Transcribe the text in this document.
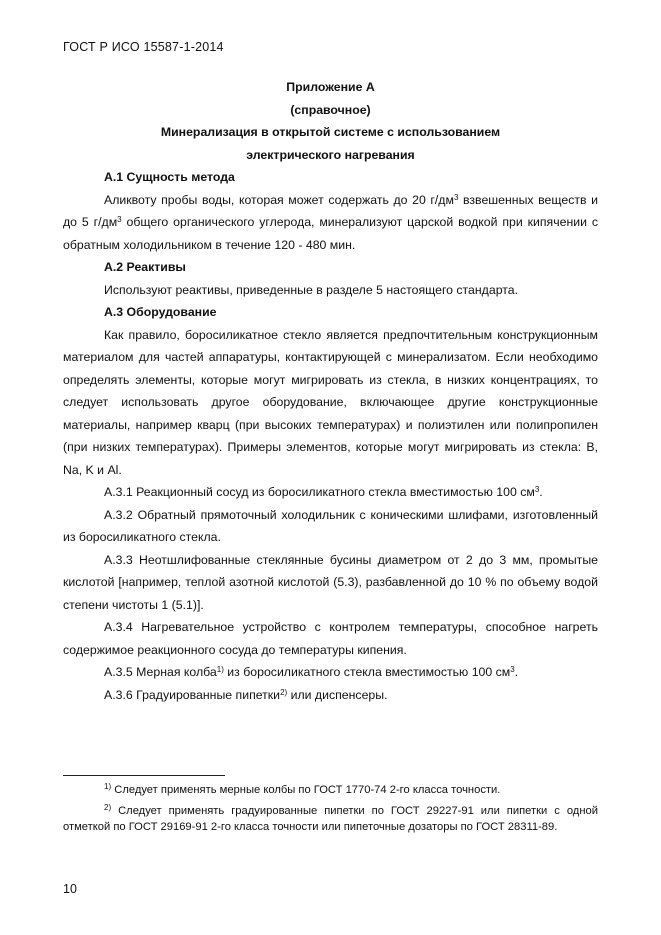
ГОСТ Р ИСО 15587-1-2014

Приложение А

(справочное)

Минерализация в открытой системе с использованием

электрического нагревания

А.1 Сущность метода

Аликвоту пробы воды, которая может содержать до 20 $г/дм^3$ взвешенных веществ и до 5 $г/дм^3$ общего органического углерода, минерализуют царской водкой при кипячении с обратным холодильником в течение 120 - 480 мин.

А.2 Реактивы

Используют реактивы, приведенные в разделе 5 настоящего стандарта.

А.3 Оборудование

Как правило, боросиликатное стекло является предпочтительным конструкционным материалом для частей аппаратуры, контактирующей с минерализатом. Если необходимо определять элементы, которые могут мигрировать из стекла, в низких концентрациях, то следует использовать другое оборудование, включающее другие конструкционные материалы, например кварц (при высоких температурах) и полиэтилен или полипропилен (при низких температурах). Примеры элементов, которые могут мигрировать из стекла: В, Na, K и Al.

А.3.1 Реакционный сосуд из боросиликатного стекла вместимостью 100 $см^3$.

А.3.2 Обратный прямоточный холодильник с коническими шлифами, изготовленный из боросиликатного стекла.

А.3.3 Неотшлифованные стеклянные бусины диаметром от 2 до 3 мм, промытые кислотой [например, теплой азотной кислотой (5.3), разбавленной до 10 % по объему водой степени чистоты 1 (5.1)].

А.3.4 Нагревательное устройство с контролем температуры, способное нагреть содержимое реакционного сосуда до температуры кипения.

А.3.5 Мерная колба$^{1)}$ из боросиликатного стекла вместимостью 100 $см^3$.

А.3.6 Градуированные пипетки$^{2)}$ или диспенсеры.

$^{1)}$ Следует применять мерные колбы по ГОСТ 1770-74 2-го класса точности.

$^{2)}$ Следует применять градуированные пипетки по ГОСТ 29227-91 или пипетки с одной отметкой по ГОСТ 29169-91 2-го класса точности или пипеточные дозаторы по ГОСТ 28311-89.

10
